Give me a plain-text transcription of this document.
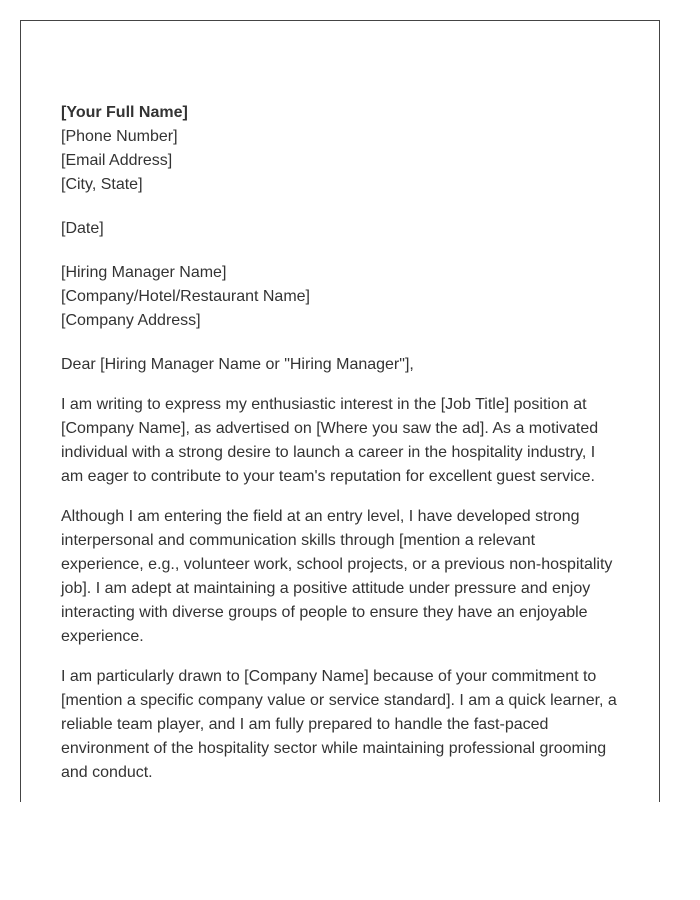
[Your Full Name]
[Phone Number]
[Email Address]
[City, State]
[Date]
[Hiring Manager Name]
[Company/Hotel/Restaurant Name]
[Company Address]
Dear [Hiring Manager Name or "Hiring Manager"],
I am writing to express my enthusiastic interest in the [Job Title] position at
[Company Name], as advertised on [Where you saw the ad]. As a motivated
individual with a strong desire to launch a career in the hospitality industry, I
am eager to contribute to your team's reputation for excellent guest service.
Although I am entering the field at an entry level, I have developed strong
interpersonal and communication skills through [mention a relevant
experience, e.g., volunteer work, school projects, or a previous non-hospitality
job]. I am adept at maintaining a positive attitude under pressure and enjoy
interacting with diverse groups of people to ensure they have an enjoyable
experience.
I am particularly drawn to [Company Name] because of your commitment to
[mention a specific company value or service standard]. I am a quick learner, a
reliable team player, and I am fully prepared to handle the fast-paced
environment of the hospitality sector while maintaining professional grooming
and conduct.
